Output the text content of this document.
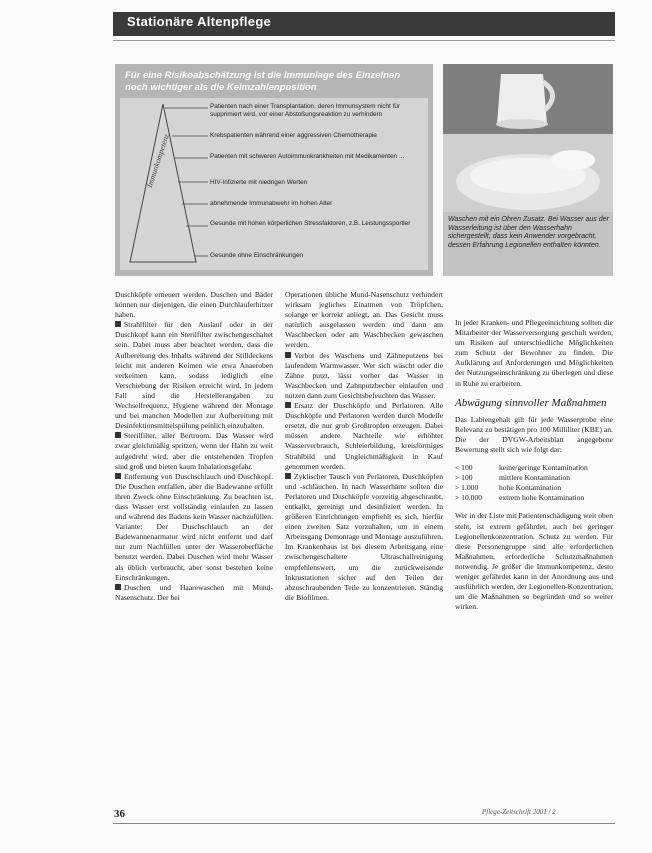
Stationäre Altenpflege
Für eine Risikoabschätzung ist die Immunlage des Einzelnen noch wichtiger als die Keimzahlenposition
Immunkompetenz
Patienten nach einer Transplantation, deren Immunsystem nicht für supprimiert wird, vor einer Abstoßungsreaktion zu verhindern
Krebspatienten während einer aggressiven Chemotherapie
Patienten mit schweren Autoimmunkrankheiten mit Medikamenten ...
HIV-Infizierte mit niedrigen Werten
abnehmende Immunabwehr im hohen Alter
Gesunde mit hohen körperlichen Stressfaktoren, z.B. Leistungssportler
Gesunde ohne Einschränkungen
Waschen mit ein Ohren Zusatz. Bei Wasser aus der Wasserleitung ist über den Wasserhahn sichergestellt, dass kein Anwender vorgebracht, dessen Erfahrung Legionellen enthalten könnten.

Duschköpfe erneuert werden. Duschen und Bäder können nur diejenigen, die einen Durchlauferhitzer haben.

Strahlfilter für den Auslauf oder in der Duschkopf kann ein Sterilfilter zwischengeschaltet sein. Dabei muss aber beachtet werden, dass die Aufbereitung des Inhalts während der Stilldeckens leicht mit anderen Keimen wie etwa Anaeroben verkeimen kann, sodass lediglich eine Verschiebung der Risiken erreicht wird. In jedem Fall sind die Herstellerangaben zu Wechselfrequenz, Hygiene während der Montage und bei manchen Modellen zur Aufbereitung mit Desinfektionsmittelspülung peinlich einzuhalten.

Sterilfilter, aller Bertroom. Das Wasser wird zwar gleichmäßig spritzen, wenn der Hahn zu weit aufgedreht wird, aber die entstehenden Tropfen sind groß und bieten kaum Inhalationsgefahr.

Entfernung von Duschschlauch und Duschkopf. Die Duschen entfallen, aber die Badewanne erfüllt ihren Zweck ohne Einschränkung. Zu beachten ist, dass Wasser erst vollständig einlaufen zu lassen und während des Badens kein Wasser nachzufüllen. Variante: Der Duschschlauch an der Badewannenarmatur wird nicht entfernt und darf nur zum Nachfüllen unter der Wasseroberfläche benutzt werden. Dabei Duschen wird mehr Wasser als üblich verbraucht, aber sonst bestehen keine Einschränkungen.

Duschen und Haarewaschen mit Mund-Nasenschutz. Der bei

Operationen übliche Mund-Nasenschutz verhindert wirksam jegliches Einatmen von Tröpfchen, solange er korrekt anliegt, an. Das Gesicht muss natürlich ausgelassen werden und dann am Waschbecken oder am Waschbecken gewaschen werden.

Verbot des Waschens und Zähneputzens bei laufendem Warmwasser. Wer sich wäscht oder die Zähne putzt, lässt vorher das Wasser in Waschbecken und Zahnputzbecher einlaufen und nutzen dann zum Gesichtsbefeuchten das Wasser.

Ersatz der Duschköpfe und Perlatoren. Alle Duschköpfe und Perlatoren werden durch Modelle ersetzt, die nur grob Großtropfen erzeugen. Dabei müssen andere Nachteile wie erhöhter Wasserverbrauch, Schleierbildung, kreisförmiges Strahlbild und Ungleichmäßigkeit in Kauf genommen werden.

Zyklischer Tausch von Perlatoren, Duschköpfen und -schläuchen. In nach Wasserhärte sollten die Perlatoren und Duschköpfe vorzeitig abgeschraubt, entkalkt, gereinigt und desinfiziert werden. In größeren Einrichtungen empfiehlt es sich, hierfür einen zweiten Satz vorzuhalten, um in einem Arbeitsgang Demontage und Montage auszuführen. Im Krankenhaus ist bei diesem Arbeitsgang eine zwischengeschaltete Ultraschallreinigung empfehlenswert, um die zurückweisende Inkrustationen sicher auf den Teilen der abzuschraubenden Teile zu konzentrieren. Ständig die Biofilmen.

In jeder Kranken- und Pflegeeinrichtung sollten die Mitarbeiter der Wasserversorgung geschult werden, um Risiken auf unterschiedliche Möglichkeiten zum Schutz der Bewohner zu finden. Die Aufklärung auf Anforderungen und Möglichkeiten der Nutzungseinschränkung zu überlegen und diese in Ruhe zu erarbeiten.

Abwägung sinnvoller Maßnahmen

Das Labiengehalt gilt für jede Wasserprobe eine Relevanz zu bestätigen pro 100 Milliliter (KBE) an. Die der DVGW-Arbeitsblatt angegebene Bewertung stellt sich wie folgt dar:

< 100	keine/geringe Kontamination
> 100	mittlere Kontamination
> 1.000	hohe Kontamination
> 10.000	extrem hohe Kontamination

Wer in der Liste mit Patientenschädigung weit oben steht, ist extrem gefährdet, auch bei geringer Legionellenkonzentration. Schutz zu werden. Für diese Personengruppe sind alle erforderlichen Maßnahmen, erforderliche Schutzmaßnahmen notwendig. Je größer die Immunkompetenz, desto weniger gefährdet kann in der Anordnung aus und ausführlich werden, der Legionellen-Konzentration, um die Maßnahmen so begründen und so weiter wirken.

36	Pflege-Zeitschrift 2001 / 2
